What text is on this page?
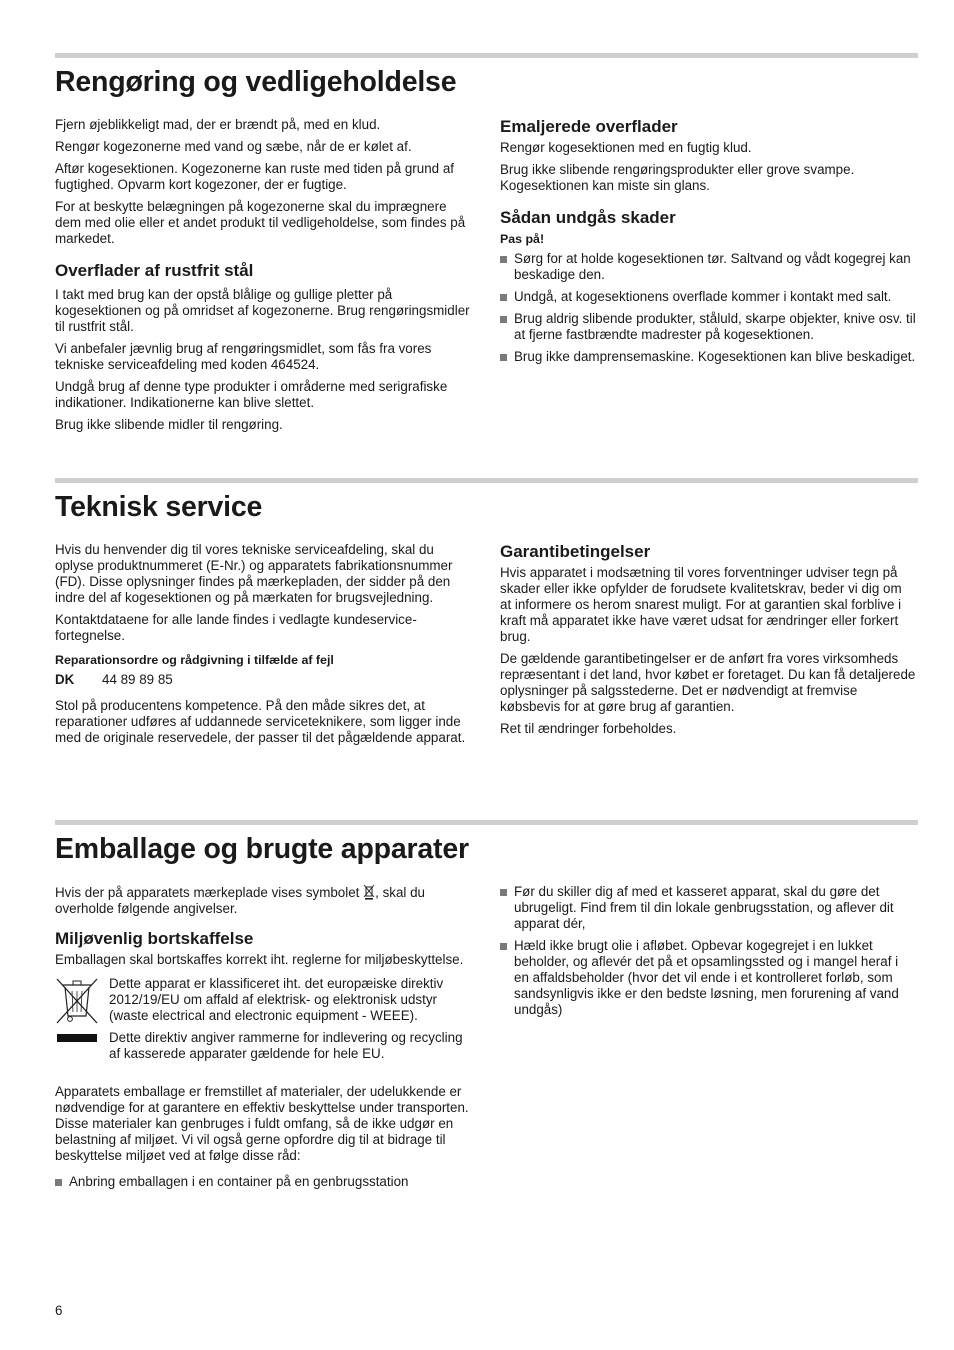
Rengøring og vedligeholdelse

Fjern øjeblikkeligt mad, der er brændt på, med en klud.

Rengør kogezonerne med vand og sæbe, når de er kølet af.

Aftør kogesektionen. Kogezonerne kan ruste med tiden på grund af fugtighed. Opvarm kort kogezoner, der er fugtige.

For at beskytte belægningen på kogezonerne skal du imprægnere dem med olie eller et andet produkt til vedligeholdelse, som findes på markedet.

Overflader af rustfrit stål

I takt med brug kan der opstå blålige og gullige pletter på kogesektionen og på omridset af kogezonerne. Brug rengøringsmidler til rustfrit stål.

Vi anbefaler jævnlig brug af rengøringsmidlet, som fås fra vores tekniske serviceafdeling med koden 464524.

Undgå brug af denne type produkter i områderne med serigrafiske indikationer. Indikationerne kan blive slettet.

Brug ikke slibende midler til rengøring.

Emaljerede overflader

Rengør kogesektionen med en fugtig klud.

Brug ikke slibende rengøringsprodukter eller grove svampe. Kogesektionen kan miste sin glans.

Sådan undgås skader
Pas på!
Sørg for at holde kogesektionen tør. Saltvand og vådt kogegrej kan beskadige den.
Undgå, at kogesektionens overflade kommer i kontakt med salt.
Brug aldrig slibende produkter, ståluld, skarpe objekter, knive osv. til at fjerne fastbrændte madrester på kogesektionen.
Brug ikke damprensemaskine. Kogesektionen kan blive beskadiget.
Teknisk service

Hvis du henvender dig til vores tekniske serviceafdeling, skal du oplyse produktnummeret (E-Nr.) og apparatets fabrikationsnummer (FD). Disse oplysninger findes på mærkepladen, der sidder på den indre del af kogesektionen og på mærkaten for brugsvejledning.

Kontaktdataene for alle lande findes i vedlagte kundeservice-fortegnelse.

Reparationsordre og rådgivning i tilfælde af fejl
DK 44 89 89 85

Stol på producentens kompetence. På den måde sikres det, at reparationer udføres af uddannede serviceteknikere, som ligger inde med de originale reservedele, der passer til det pågældende apparat.

Garantibetingelser

Hvis apparatet i modsætning til vores forventninger udviser tegn på skader eller ikke opfylder de forudsete kvalitetskrav, beder vi dig om at informere os herom snarest muligt. For at garantien skal forblive i kraft må apparatet ikke have været udsat for ændringer eller forkert brug.

De gældende garantibetingelser er de anført fra vores virksomheds repræsentant i det land, hvor købet er foretaget. Du kan få detaljerede oplysninger på salgsstederne. Det er nødvendigt at fremvise købsbevis for at gøre brug af garantien.

Ret til ændringer forbeholdes.

Emballage og brugte apparater

Hvis der på apparatets mærkeplade vises symbolet , skal du overholde følgende angivelser.

Miljøvenlig bortskaffelse

Emballagen skal bortskaffes korrekt iht. reglerne for miljøbeskyttelse.

Dette apparat er klassificeret iht. det europæiske direktiv 2012/19/EU om affald af elektrisk- og elektronisk udstyr (waste electrical and electronic equipment - WEEE).

Dette direktiv angiver rammerne for indlevering og recycling af kasserede apparater gældende for hele EU.

Apparatets emballage er fremstillet af materialer, der udelukkende er nødvendige for at garantere en effektiv beskyttelse under transporten. Disse materialer kan genbruges i fuldt omfang, så de ikke udgør en belastning af miljøet. Vi vil også gerne opfordre dig til at bidrage til beskyttelse miljøet ved at følge disse råd:

Anbring emballagen i en container på en genbrugsstation
Før du skiller dig af med et kasseret apparat, skal du gøre det ubrugeligt. Find frem til din lokale genbrugsstation, og aflever dit apparat dér,
Hæld ikke brugt olie i afløbet. Opbevar kogegrejet i en lukket beholder, og aflevér det på et opsamlingssted og i mangel heraf i en affaldsbeholder (hvor det vil ende i et kontrolleret forløb, som sandsynligvis ikke er den bedste løsning, men forurening af vand undgås)
6
